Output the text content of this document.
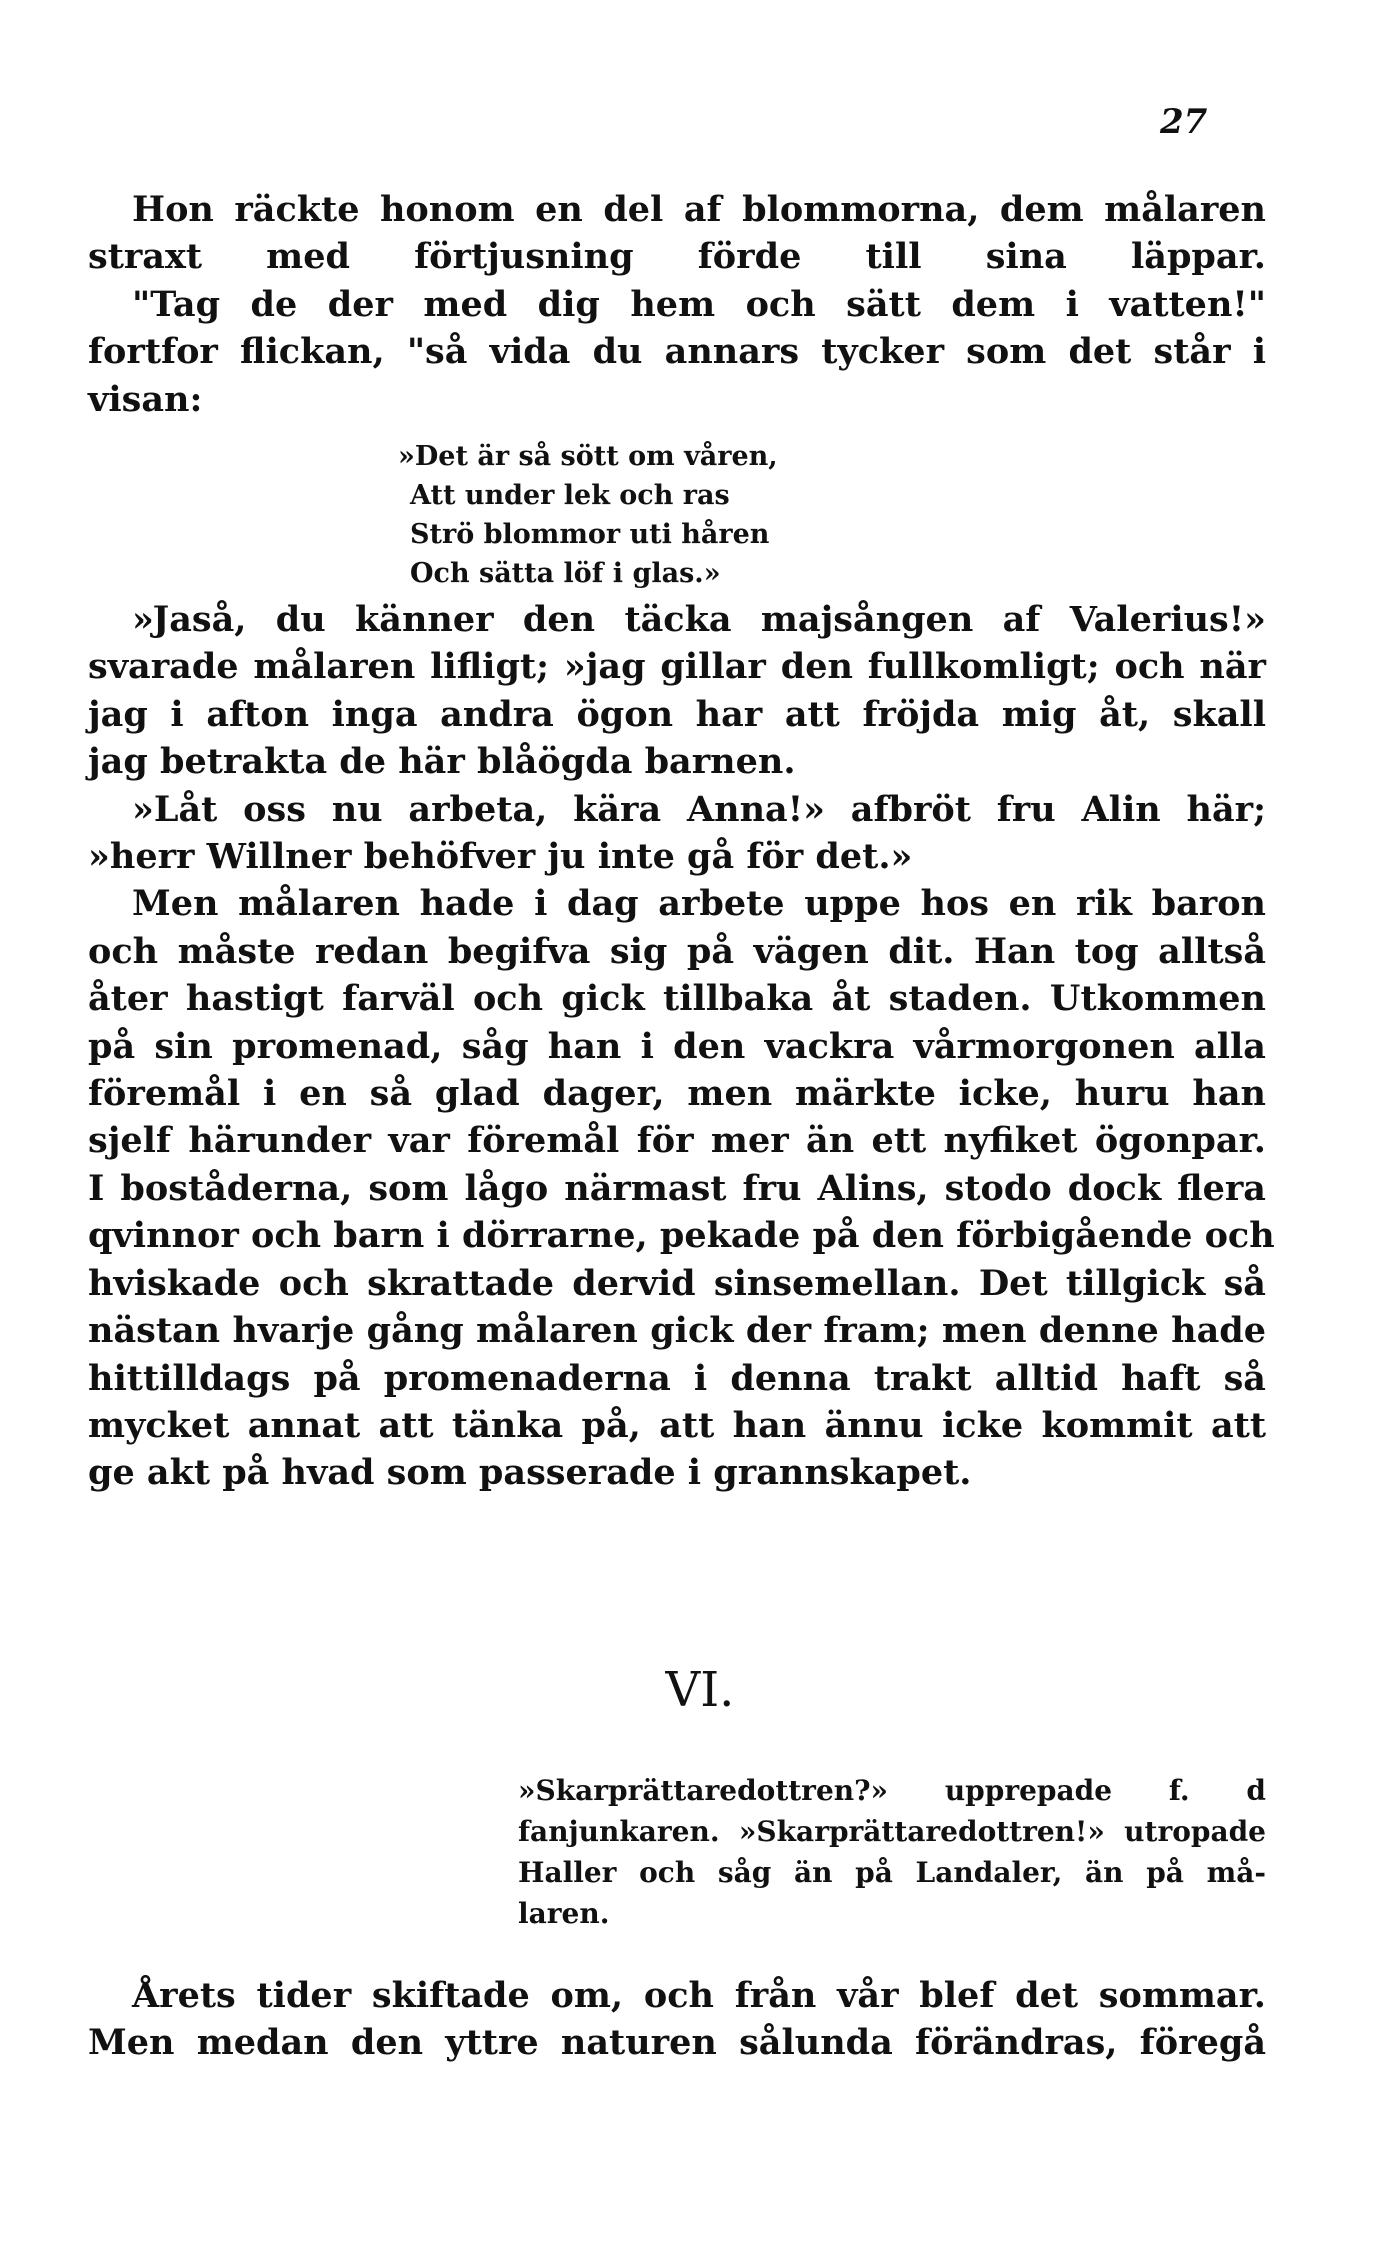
27
Hon räckte honom en del af blommorna, dem målaren
straxt med förtjusning förde till sina läppar.
"Tag de der med dig hem och sätt dem i vatten!"
fortfor flickan, "så vida du annars tycker som det står i
visan:
»Det är så sött om våren,
Att under lek och ras
Strö blommor uti håren
Och sätta löf i glas.»
»Jaså, du känner den täcka majsången af Valerius!»
svarade målaren lifligt; »jag gillar den fullkomligt; och när
jag i afton inga andra ögon har att fröjda mig åt, skall
jag betrakta de här blåögda barnen.
»Låt oss nu arbeta, kära Anna!» afbröt fru Alin här;
»herr Willner behöfver ju inte gå för det.»
Men målaren hade i dag arbete uppe hos en rik baron
och måste redan begifva sig på vägen dit. Han tog alltså
åter hastigt farväl och gick tillbaka åt staden. Utkommen
på sin promenad, såg han i den vackra vårmorgonen alla
föremål i en så glad dager, men märkte icke, huru han
sjelf härunder var föremål för mer än ett nyfiket ögonpar.
I boståderna, som lågo närmast fru Alins, stodo dock flera
qvinnor och barn i dörrarne, pekade på den förbigående och
hviskade och skrattade dervid sinsemellan. Det tillgick så
nästan hvarje gång målaren gick der fram; men denne hade
hittilldags på promenaderna i denna trakt alltid haft så
mycket annat att tänka på, att han ännu icke kommit att
ge akt på hvad som passerade i grannskapet.
VI.
»Skarprättaredottren?» upprepade f. d
fanjunkaren. »Skarprättaredottren!» utropade
Haller och såg än på Landaler, än på må-
laren.
Årets tider skiftade om, och från vår blef det sommar.
Men medan den yttre naturen sålunda förändras, föregå
